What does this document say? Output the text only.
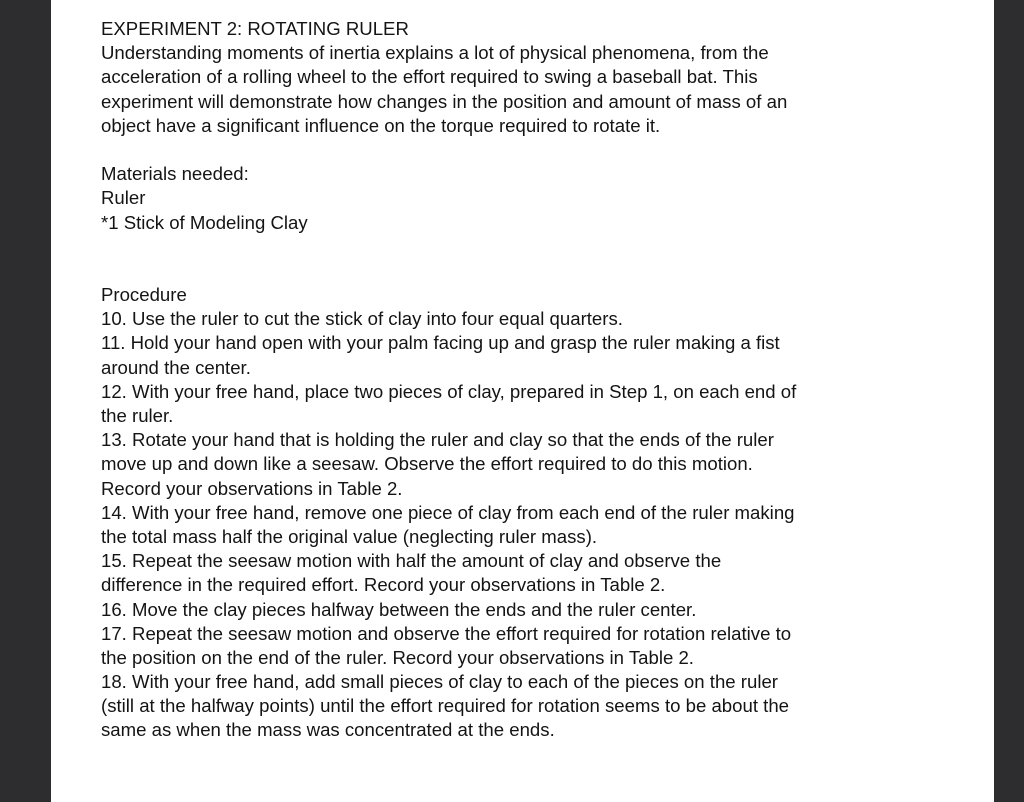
EXPERIMENT 2: ROTATING RULER
Understanding moments of inertia explains a lot of physical phenomena, from the
acceleration of a rolling wheel to the effort required to swing a baseball bat. This
experiment will demonstrate how changes in the position and amount of mass of an
object have a significant influence on the torque required to rotate it.
Materials needed:
Ruler
*1 Stick of Modeling Clay
Procedure
10. Use the ruler to cut the stick of clay into four equal quarters.
11. Hold your hand open with your palm facing up and grasp the ruler making a fist
around the center.
12. With your free hand, place two pieces of clay, prepared in Step 1, on each end of
the ruler.
13. Rotate your hand that is holding the ruler and clay so that the ends of the ruler
move up and down like a seesaw. Observe the effort required to do this motion.
Record your observations in Table 2.
14. With your free hand, remove one piece of clay from each end of the ruler making
the total mass half the original value (neglecting ruler mass).
15. Repeat the seesaw motion with half the amount of clay and observe the
difference in the required effort. Record your observations in Table 2.
16. Move the clay pieces halfway between the ends and the ruler center.
17. Repeat the seesaw motion and observe the effort required for rotation relative to
the position on the end of the ruler. Record your observations in Table 2.
18. With your free hand, add small pieces of clay to each of the pieces on the ruler
(still at the halfway points) until the effort required for rotation seems to be about the
same as when the mass was concentrated at the ends.
